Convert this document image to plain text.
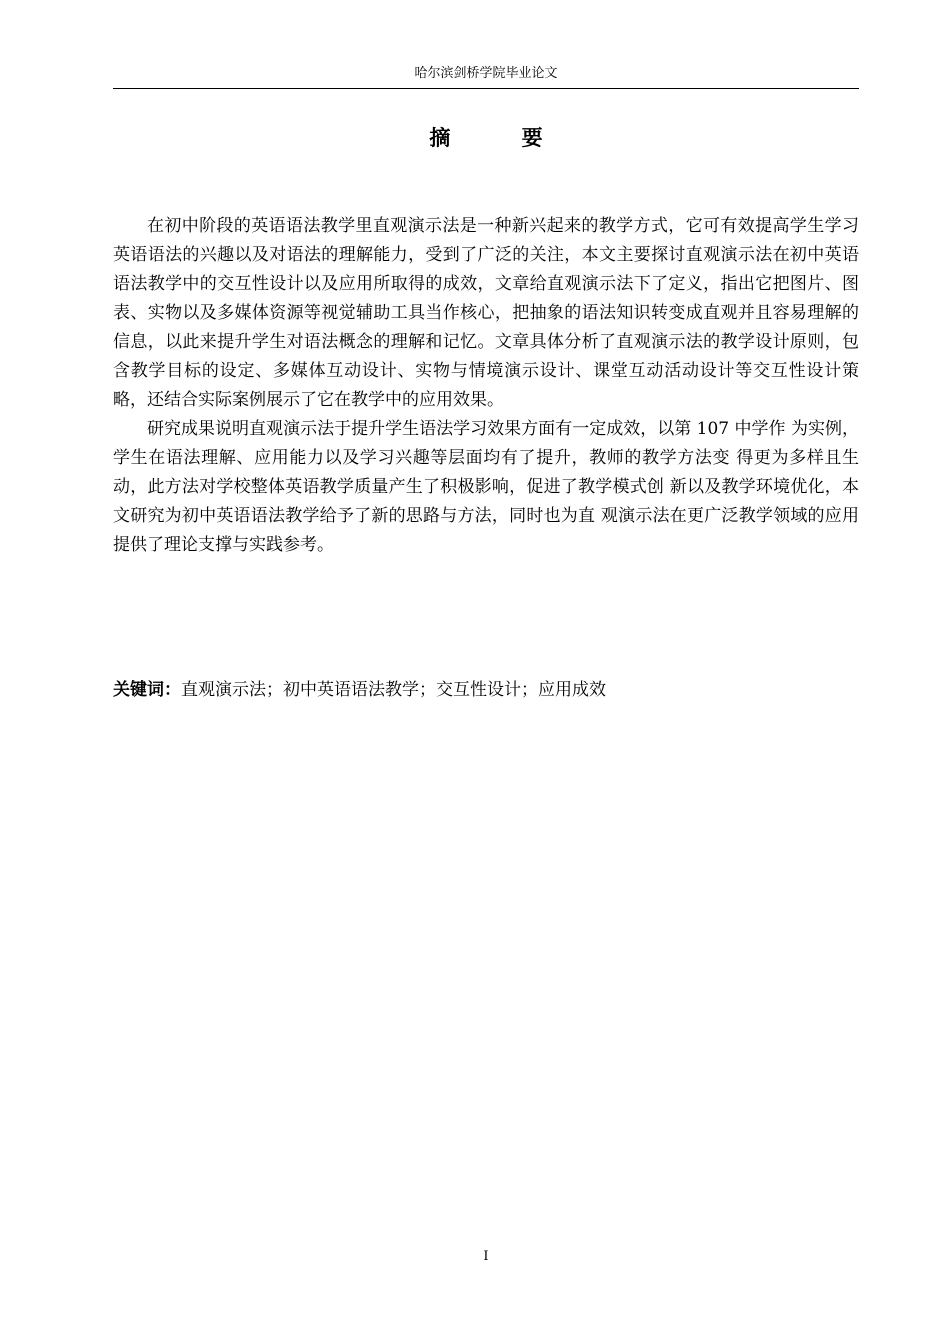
哈尔滨剑桥学院毕业论文
摘 要

在初中阶段的英语语法教学里直观演示法是一种新兴起来的教学方式，它可有效提高学生学习英语语法的兴趣以及对语法的理解能力，受到了广泛的关注，本文主要探讨直观演示法在初中英语语法教学中的交互性设计以及应用所取得的成效，文章给直观演示法下了定义，指出它把图片、图表、实物以及多媒体资源等视觉辅助工具当作核心，把抽象的语法知识转变成直观并且容易理解的信息，以此来提升学生对语法概念的理解和记忆。文章具体分析了直观演示法的教学设计原则，包含教学目标的设定、多媒体互动设计、实物与情境演示设计、课堂互动活动设计等交互性设计策略，还结合实际案例展示了它在教学中的应用效果。

研究成果说明直观演示法于提升学生语法学习效果方面有一定成效，以第 107 中学作 为实例，学生在语法理解、应用能力以及学习兴趣等层面均有了提升，教师的教学方法变 得更为多样且生动，此方法对学校整体英语教学质量产生了积极影响，促进了教学模式创 新以及教学环境优化，本文研究为初中英语语法教学给予了新的思路与方法，同时也为直 观演示法在更广泛教学领域的应用提供了理论支撑与实践参考。

关键词：直观演示法；初中英语语法教学；交互性设计；应用成效
I
